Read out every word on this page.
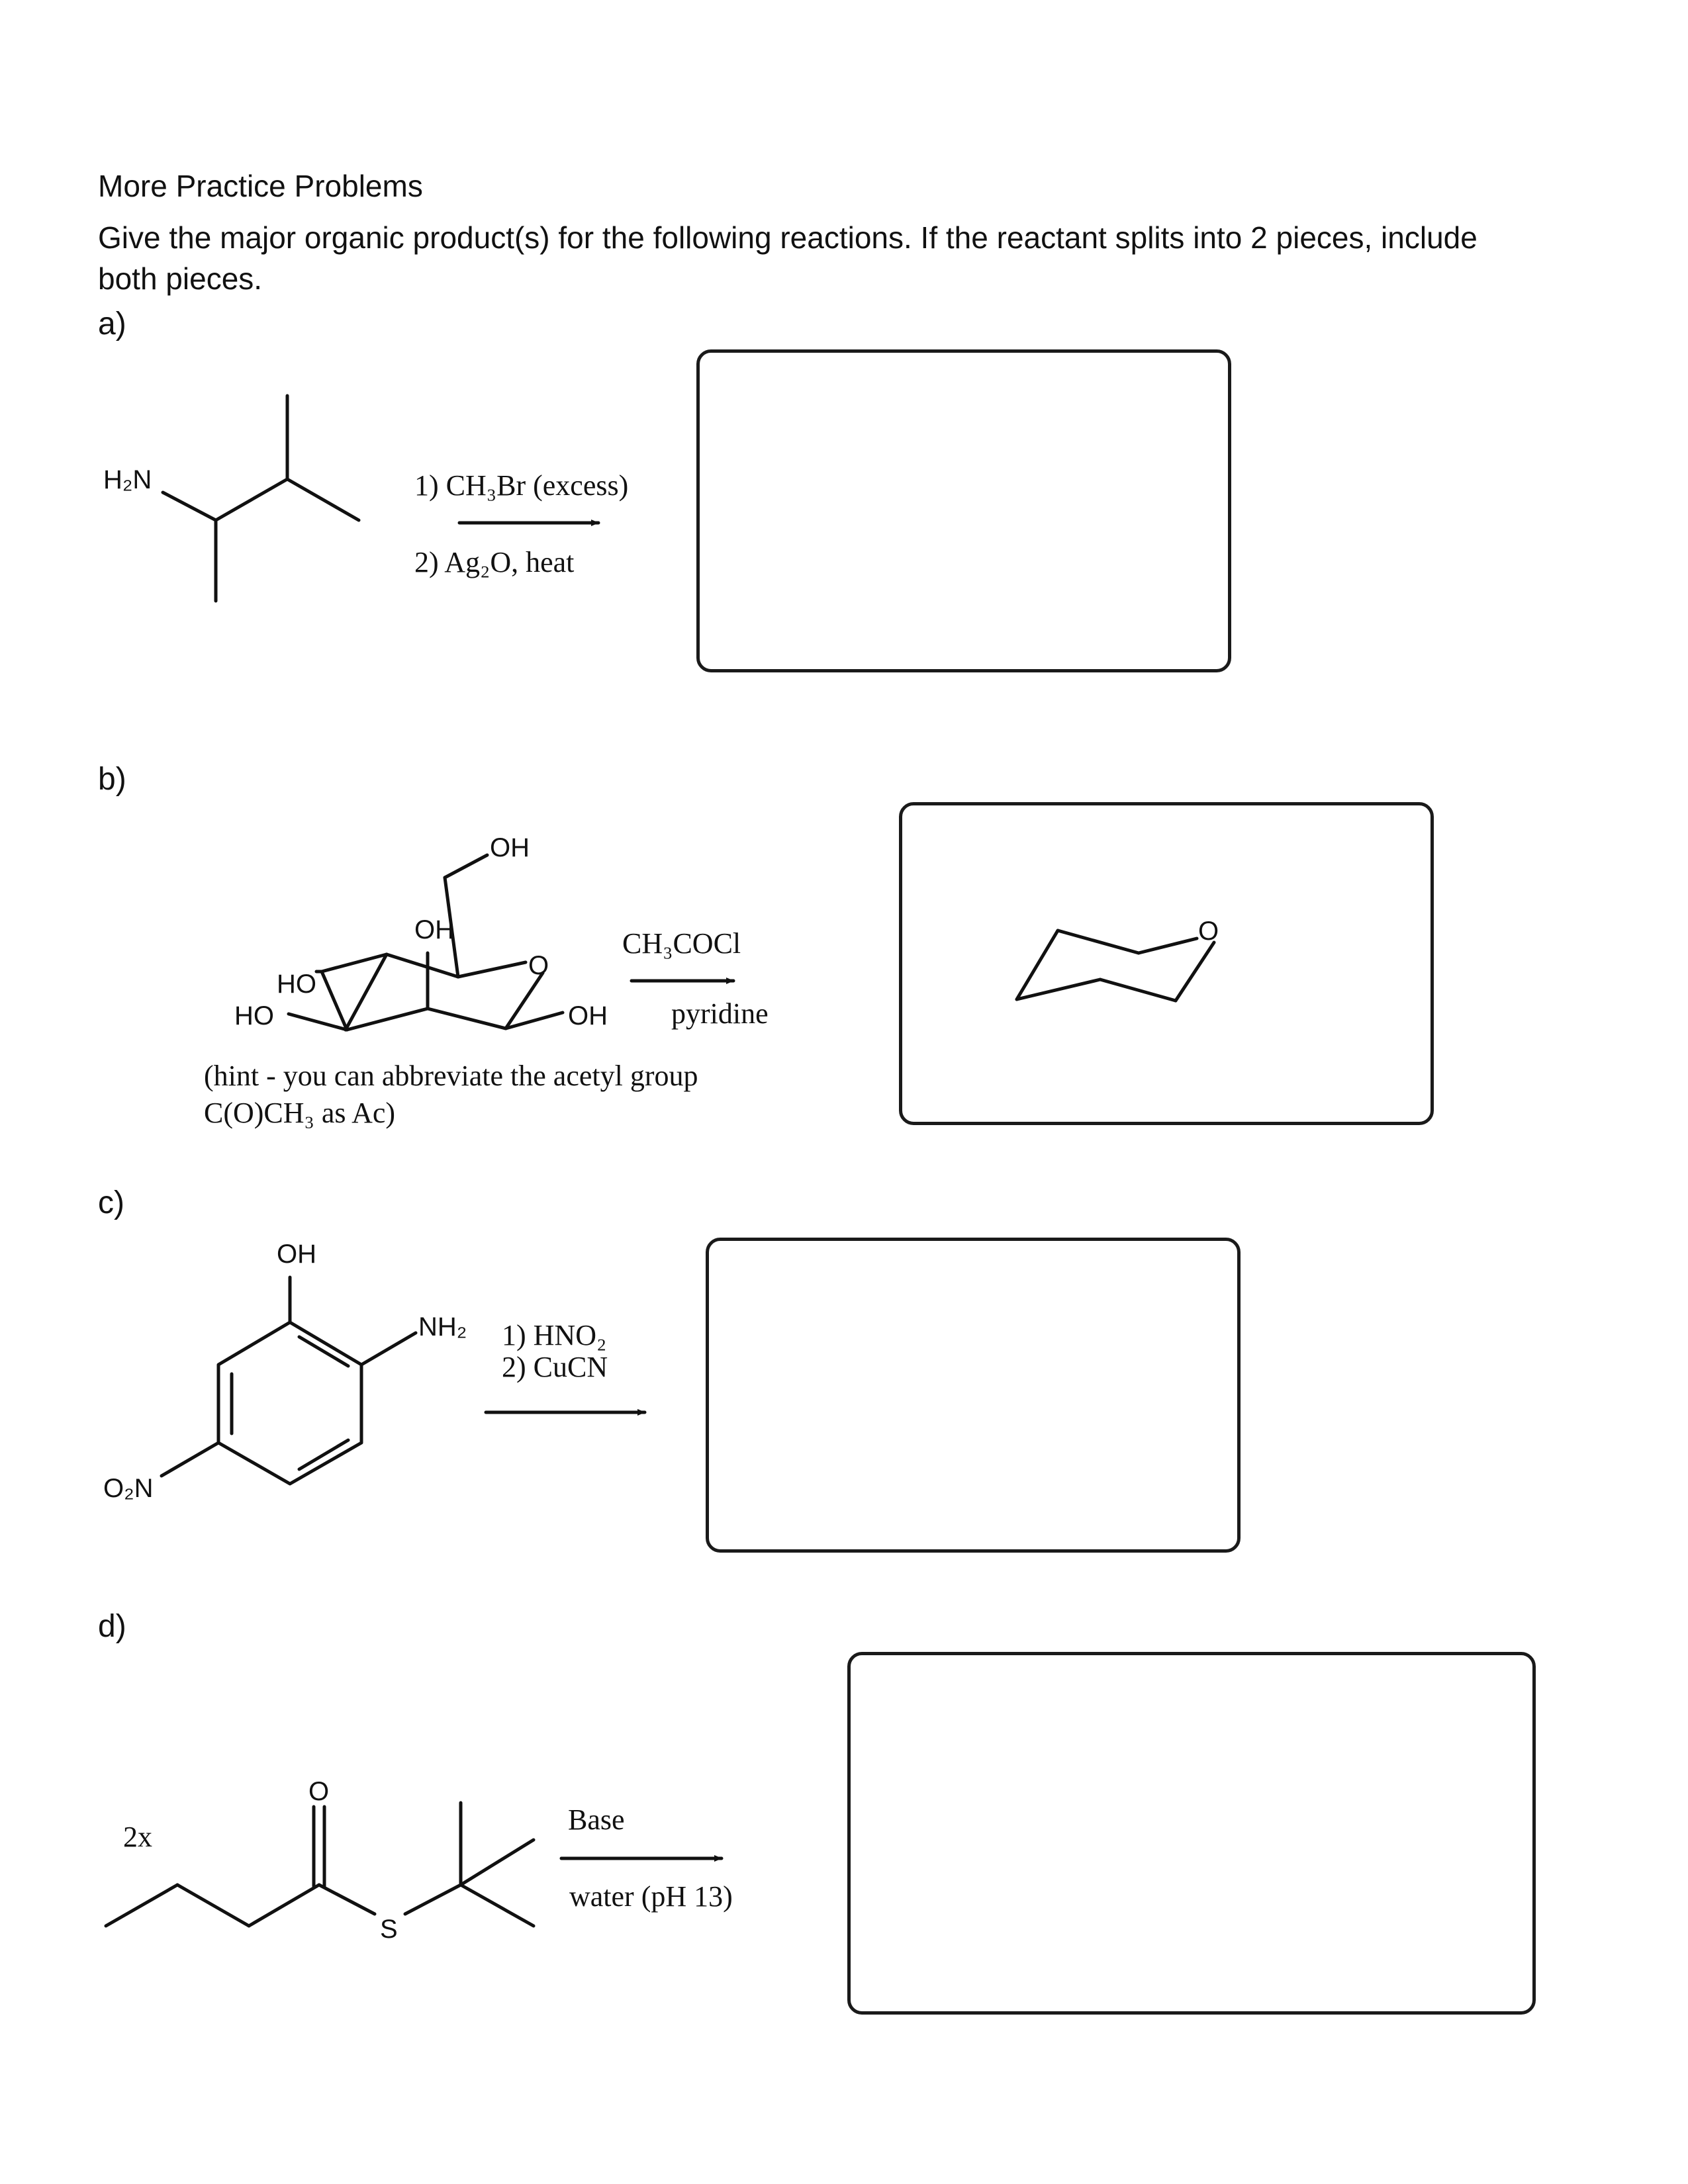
More Practice Problems
Give the major organic product(s) for the following reactions. If the reactant splits into 2 pieces, include both pieces.
a)
b)
c)
d)
H₂N	1) CH₃Br (excess)
2) Ag₂O, heat
OH
OH
O
HO
HO	OH
CH₃COCl
pyridine
(hint - you can abbreviate the acetyl group
C(O)CH₃ as Ac)
O
OH
NH₂
O₂N
1) HNO₂
2) CuCN
2x
O
S
Base
water (pH 13)
